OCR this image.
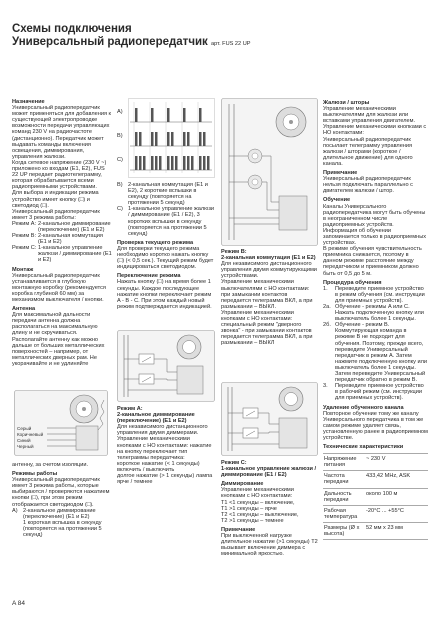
Схемы подключения
Универсальный радиопередатчик арт. FUS 22 UP
Назначение

Универсальный радиопередатчик может применяться для добавления к существующей электропроводке возможности передачи управляющих команд 230 V на радиочастоте (дистанционно). Передатчик может выдавать команды включения освещения, диммирования, управления жалюзи.

Когда сетевое напряжение (230 V ~) приложено ко входам (E1, E2), FUS 22 UP передает радиотелеграмму, которая обрабатывается всеми радиоприемными устройствами.

Для выбора и индикации режима устройство имеет кнопку (□) и светодиод (□).

Универсальный радиопередатчик имеет 3 режима работы:

Режим A: 2-канальное диммирование (переключение) (E1 и E2)
Режим B: 2-канальная коммутация (E1 и E2)
Режим C: 1-канальное управление жалюзи / диммирование (E1 и E2)
Монтаж

Универсальный радиопередатчик устанавливается в глубокую монтажную коробку (рекомендуется коробка глубиной 60 мм) за механизмом выключателя / кнопки.

Антенна

Для максимальной дальности передачи антенна должна располагаться на максимальную длину и не скручиваться. Располагайте антенну как можно дальше от больших металлических поверхностей – например, от металлических дверных рам. Не укорачивайте и не удлиняйте

Серый
Коричневый
Синий
Черный

антенну, за счетом изоляции.

Режимы работы

Универсальный радиопередатчик имеет 3 режима работы, которые выбираются / проверяются нажатием кнопки (□), при этом режим отображается светодиодом (□).

A) 2-канальное диммирование (переключение) (E1 и E2)
1 короткая вспышка в секунду (повторяется на протяжении 5 секунд)
A)
B)
C)
B) 2-канальная коммутация (E1 и E2), 2 короткие вспышки в секунду (повторяется на протяжении 5 секунд)
C) 1-канальное управление жалюзи / диммирование (E1 / E2), 3 коротких вспышки в секунду (повторяется на протяжении 5 секунд)
Проверка текущего режима

Для проверки текущего режима необходимо коротко нажать кнопку (□) (< 0,5 сек.). Текущий режим будет индицироваться светодиодом.

Переключение режима

Нажать кнопку (□) на время более 1 секунды. Каждое последующее нажатие кнопки переключает режим A - B - C. При этом каждый новый режим подтверждается индикацией.

Режим A:
2-канальное диммирование (переключение) (E1 и E2)

Для независимого дистанционного управления двумя диммерами.

Управление механическими кнопками с НО контактами: нажатие на кнопку переключает тип телеграммы передатчика:

короткое нажатие (< 1 секунды) включить / выключить

долгое нажатие (> 1 секунды) лампа ярче / темнее

Режим B:
2-канальная коммутация (E1 и E2)

Для независимого дистанционного управления двумя коммутирующими устройствами.

Управление механическими выключателями с НО контактами: при замыкании контактов передается телеграмма ВКЛ, а при размыкании – ВЫКЛ.

Управление механическими кнопками с НО контактами: специальный режим "дверного звонка" - при замыкании контактов передается телеграмма ВКЛ, а при размыкании – ВЫКЛ

Режим C:
1-канальное управление жалюзи / диммирование (E1 / E2)
Диммирование

Управление механическими кнопками с НО контактами:

T1 <1 секунды – включение,

T1 >1 секунды – ярче

T2 <1 секунды – выключение,

T2 >1 секунды – темнее

Примечание

При выключенной нагрузке длительное нажатие (>1 секунды) T2 вызывает включение диммера с минимальной яркостью.

Жалюзи / шторы

Управление механическими выключателями для жалюзи или вставками управления двигателем.

Управление механическими кнопками с НО контактами:

Универсальный радиопередатчик посылает телеграмму управления жалюзи / шторами (короткое / длительное движение) для одного канала.

Примечание

Универсальный радиопередатчик нельзя подключать параллельно с двигателем жалюзи / штор.

Обучение

Каналы Универсального радиопередатчика могут быть обучены в неограниченном числе радиоприемных устройств.

Информация об обучении запоминается только в радиоприемных устройствах.

В режиме обучения чувствительность приемника снижается, поэтому в данном режиме расстояние между передатчиком и приемником должно быть от 0,5 до 5 м.

Процедура обучения
1.	Переведите приемное устройство в режим обучения (см. инструкции для приемных устройств).
2а. Обучение - режимы A или C. Нажать подключенную кнопку или выключатель более 1 секунды.
2б. Обучение - режим B. Коммутирующая команда в режиме B не подходит для обучения. Поэтому, прежде всего, переведите Универсальный передатчик в режим A. Затем нажмите подключенную кнопку или выключатель более 1 секунды. Затем переведите Универсальный передатчик обратно в режим B.
3.	Переведите приемное устройство в рабочий режим (см. инструкции для приемных устройств).
Удаление обученного канала

Повторное обучение тому же каналу Универсального передатчика в том же самом режиме удаляет связь, установленную ранее в радиоприемном устройстве.

Технические характеристики
Напряжение питания	~ 230 V
Частота передачи	433,42 MHz, ASK
Дальность передачи	около 100 м
Рабочая температура	-20°C ... +55°C
Размеры (Ø x высота)	52 мм x 23 мм
A 84
